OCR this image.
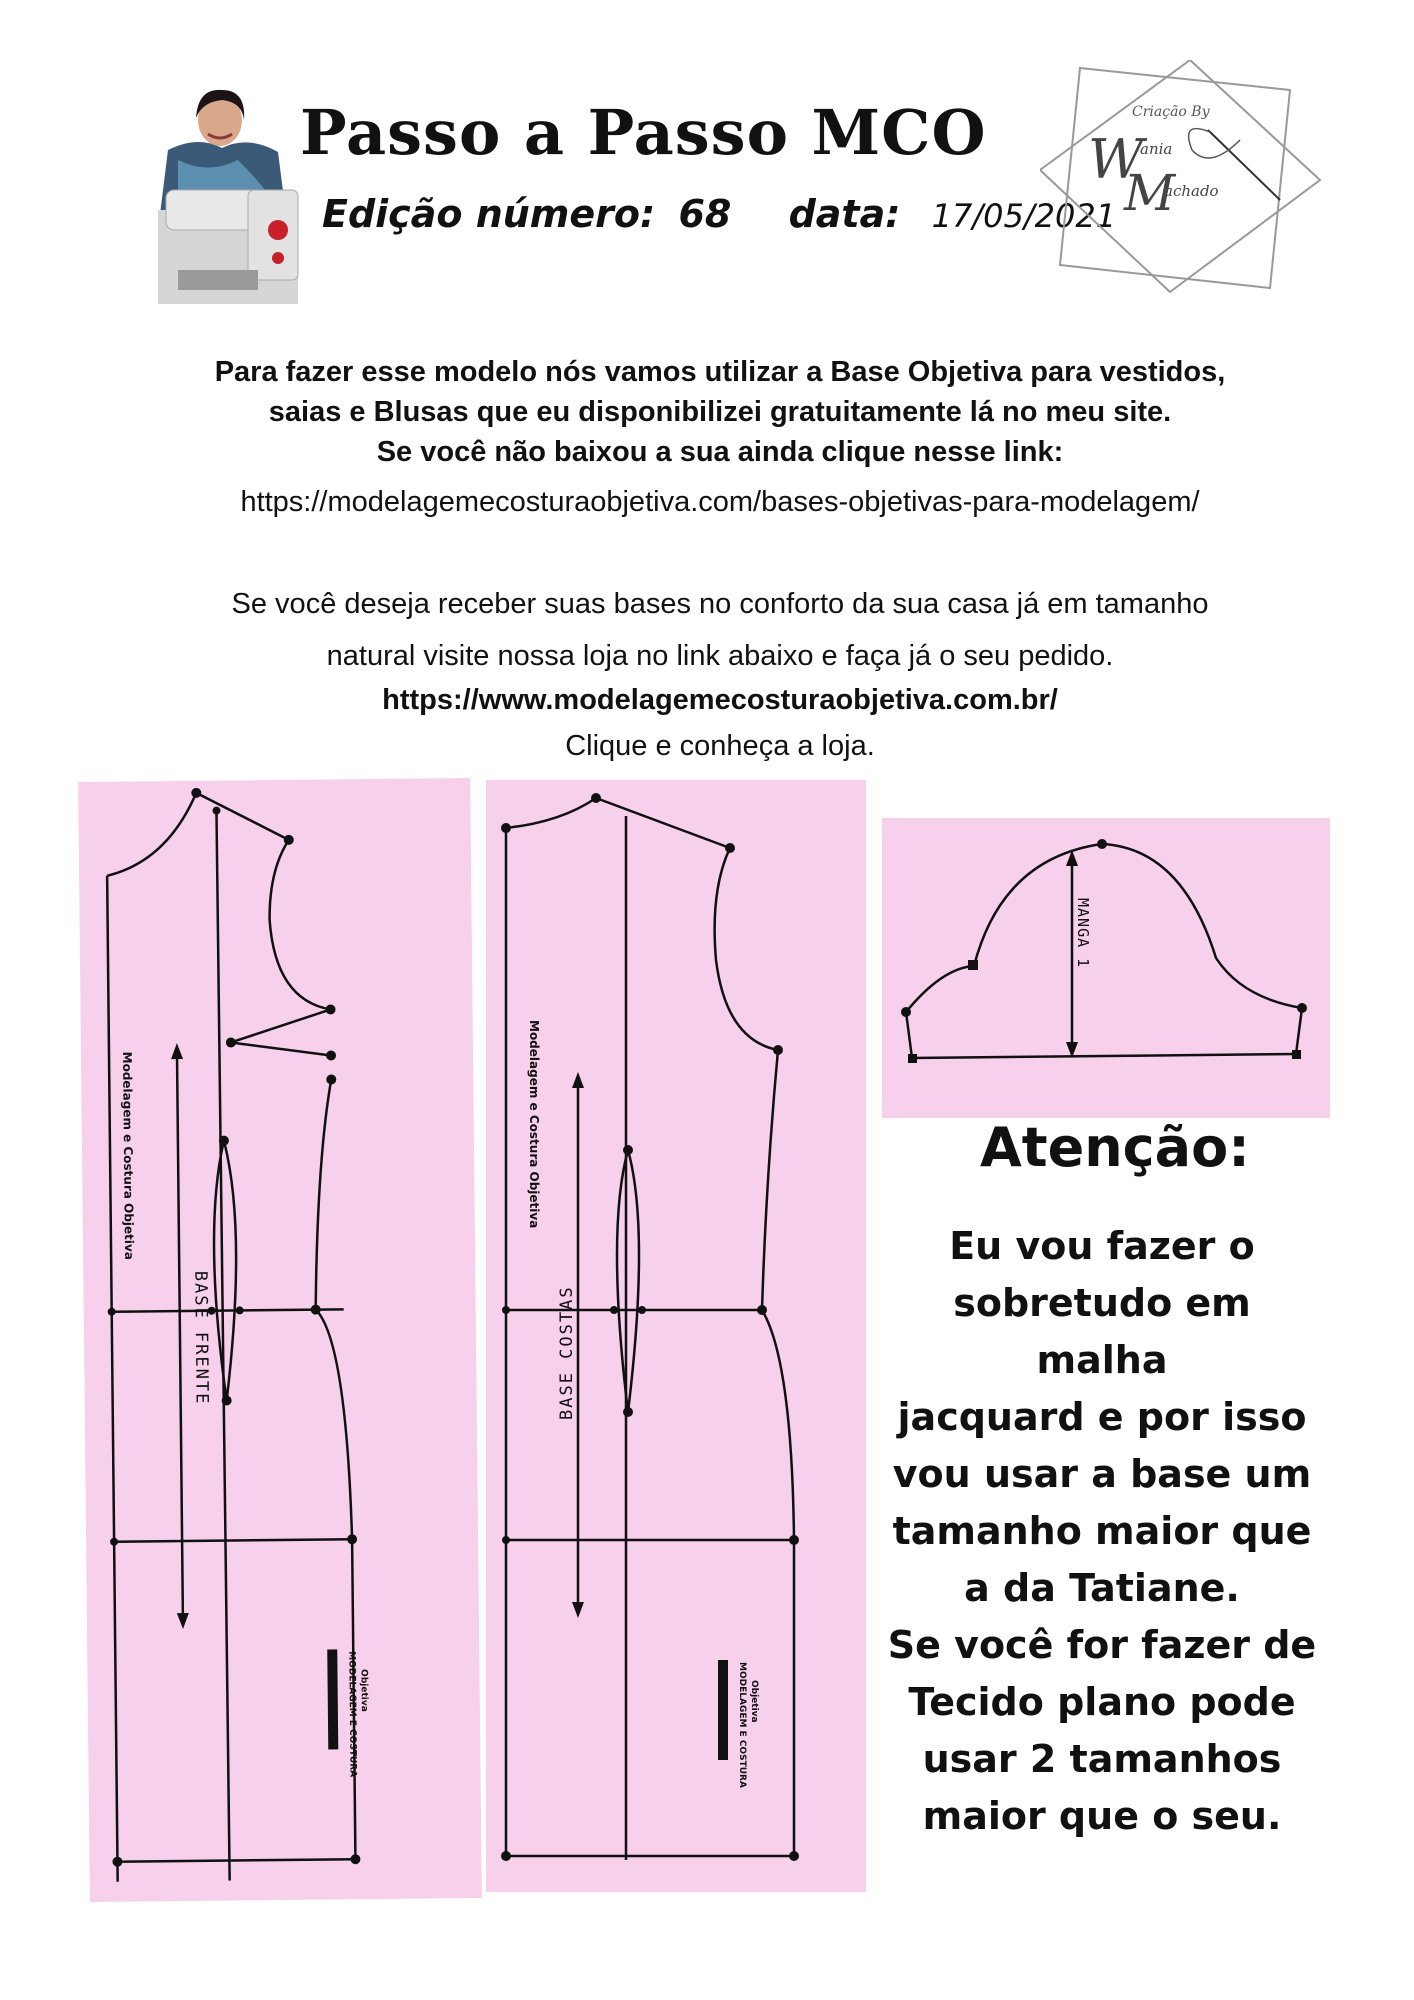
Passo a Passo MCO
Edição número: 68 data: 17/05/2021
Criação By
W
ania
M
achado
Para fazer esse modelo nós vamos utilizar a Base Objetiva para vestidos,
saias e Blusas que eu disponibilizei gratuitamente lá no meu site.
Se você não baixou a sua ainda clique nesse link:
https://modelagemecosturaobjetiva.com/bases-objetivas-para-modelagem/
Se você deseja receber suas bases no conforto da sua casa já em tamanho
natural visite nossa loja no link abaixo e faça já o seu pedido.
https://www.modelagemecosturaobjetiva.com.br/
Clique e conheça a loja.
Modelagem e Costura Objetiva
BASE FRENTE
MODELAGEM E COSTURA Objetiva
Modelagem e Costura Objetiva
BASE COSTAS
MODELAGEM E COSTURA Objetiva
MANGA 1
Atenção:
Eu vou fazer o
sobretudo em malha
jacquard e por isso
vou usar a base um
tamanho maior que
a da Tatiane.
Se você for fazer de
Tecido plano pode
usar 2 tamanhos
maior que o seu.
